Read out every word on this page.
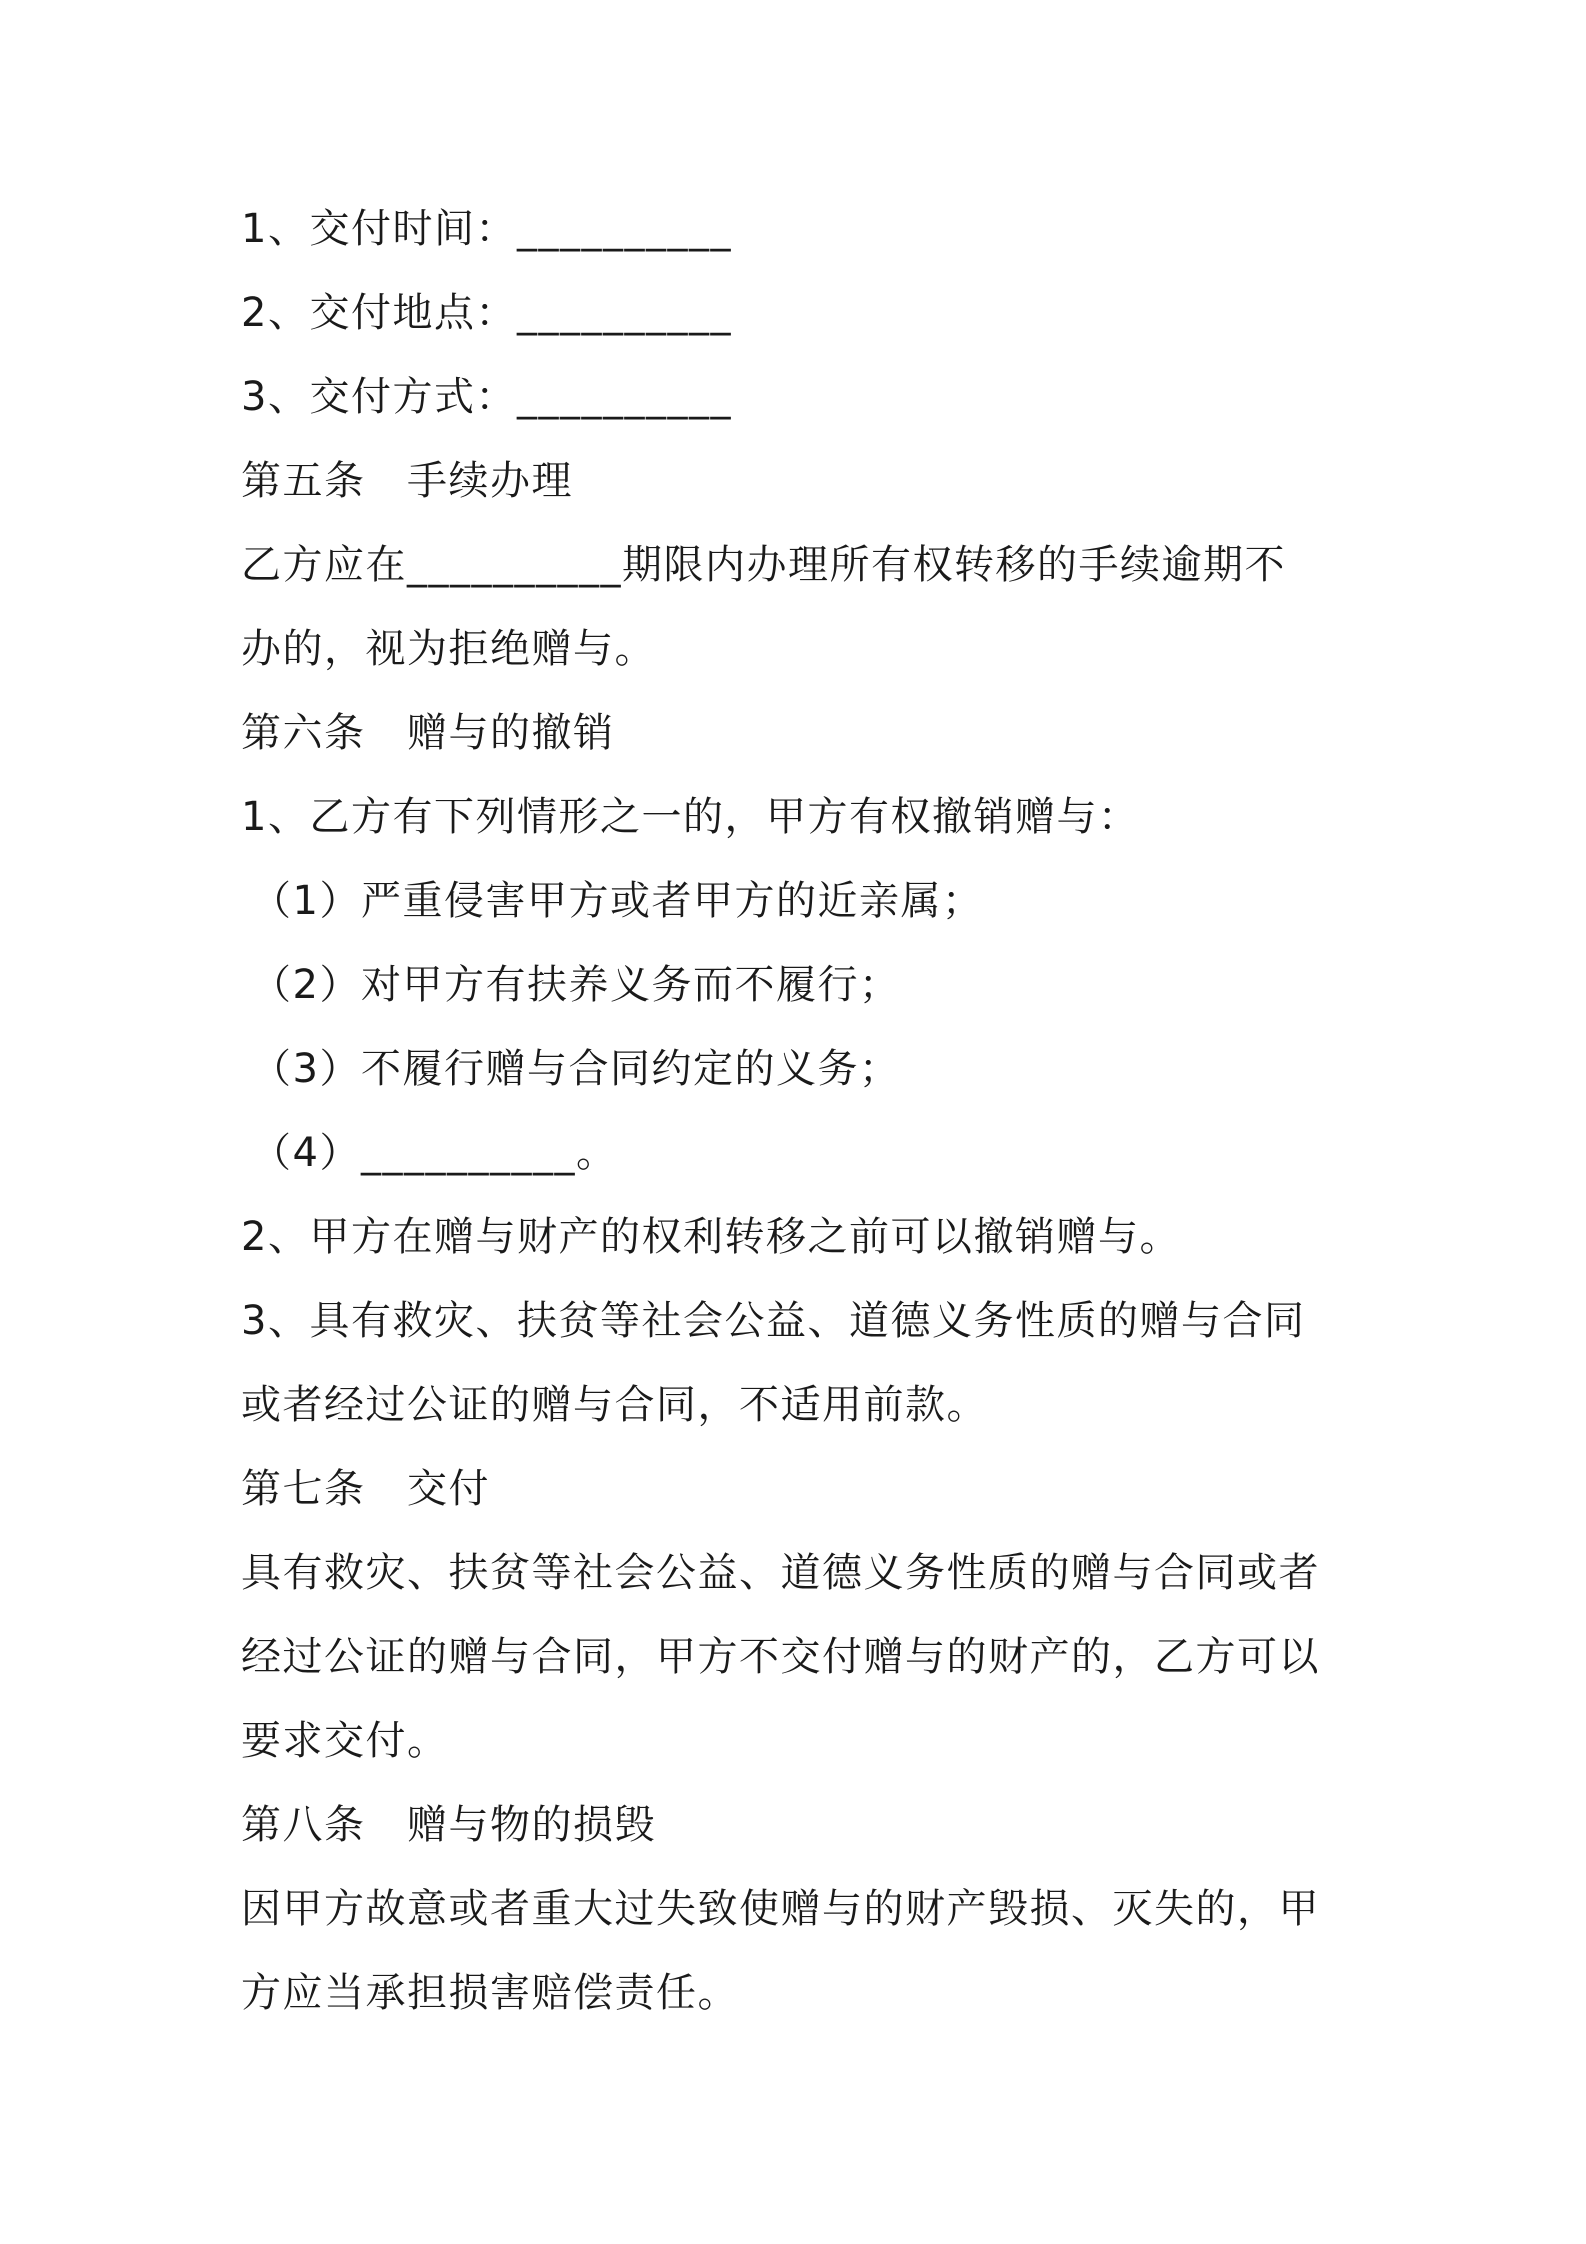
1、交付时间：__________
2、交付地点：__________
3、交付方式：__________
第五条　手续办理
乙方应在__________期限内办理所有权转移的手续逾期不
办的，视为拒绝赠与。
第六条　赠与的撤销
1、乙方有下列情形之一的，甲方有权撤销赠与：
（1）严重侵害甲方或者甲方的近亲属；
（2）对甲方有扶养义务而不履行；
（3）不履行赠与合同约定的义务；
（4）__________。
2、甲方在赠与财产的权利转移之前可以撤销赠与。
3、具有救灾、扶贫等社会公益、道德义务性质的赠与合同
或者经过公证的赠与合同，不适用前款。
第七条　交付
具有救灾、扶贫等社会公益、道德义务性质的赠与合同或者
经过公证的赠与合同，甲方不交付赠与的财产的，乙方可以
要求交付。
第八条　赠与物的损毁
因甲方故意或者重大过失致使赠与的财产毁损、灭失的，甲
方应当承担损害赔偿责任。
